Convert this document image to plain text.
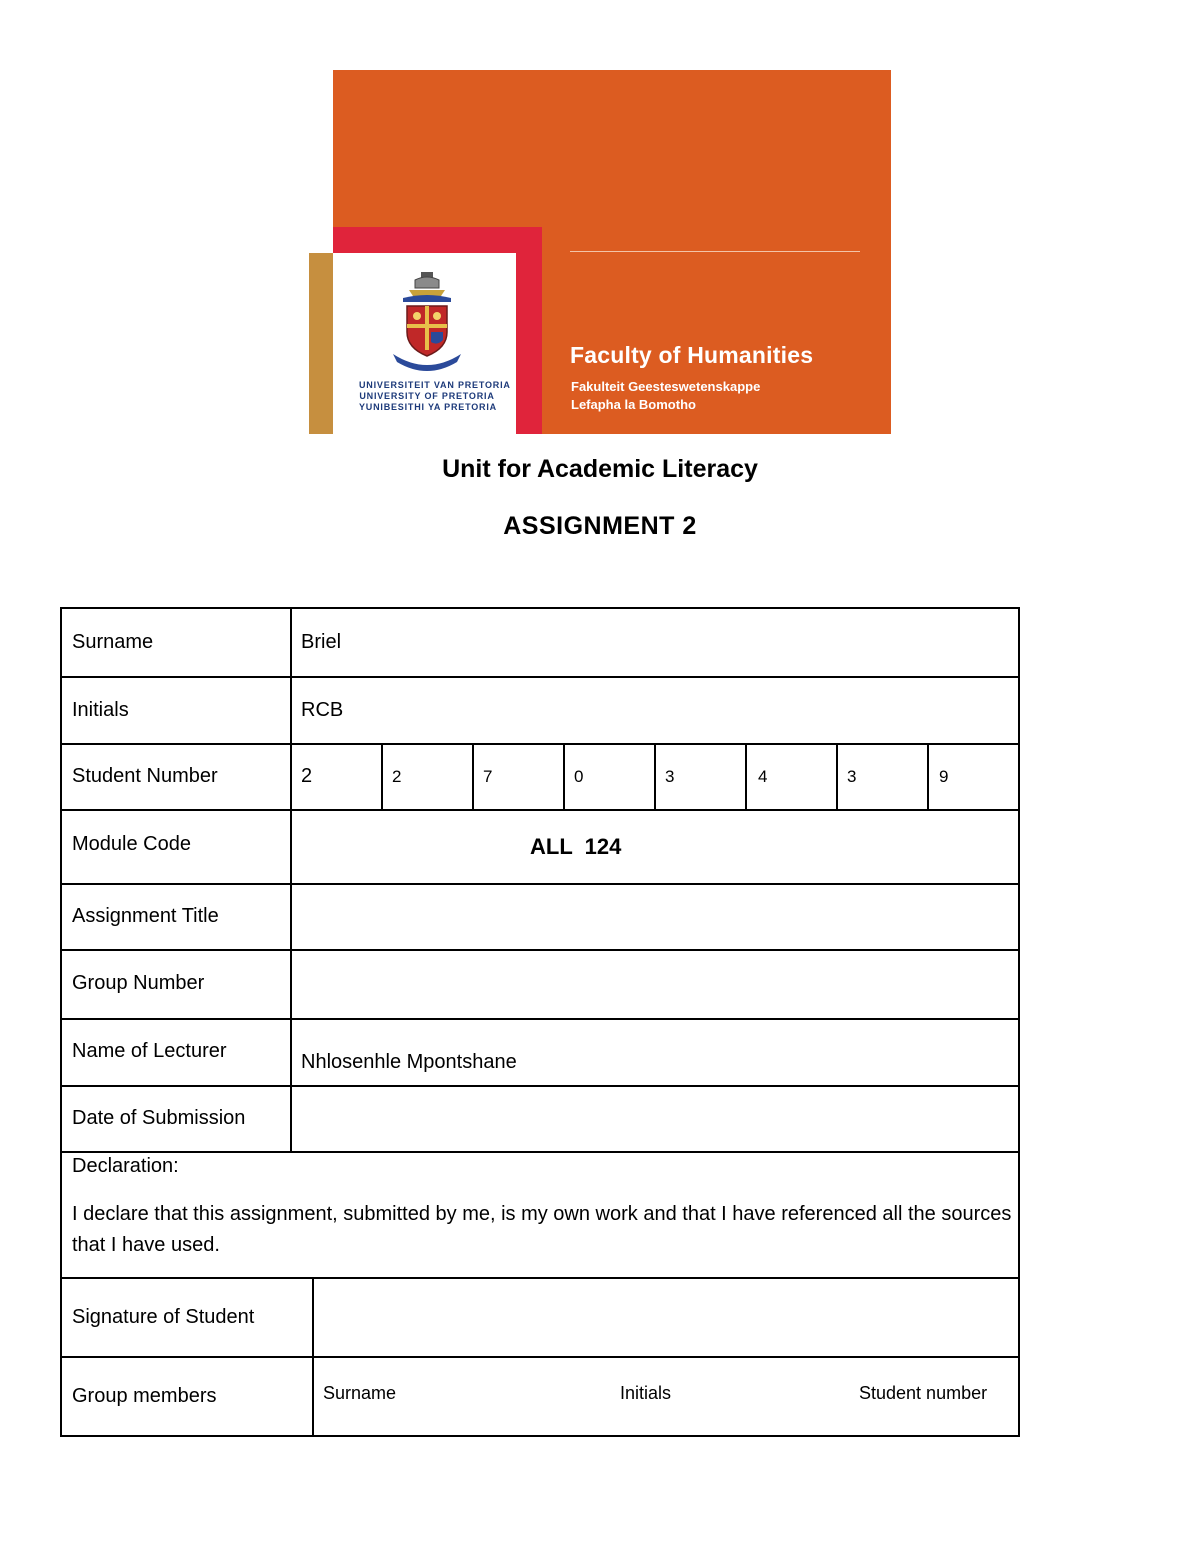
UNIVERSITEIT VAN PRETORIA
UNIVERSITY OF PRETORIA
YUNIBESITHI YA PRETORIA
Faculty of Humanities
Fakulteit Geesteswetenskappe
Lefapha la Bomotho
Unit for Academic Literacy
ASSIGNMENT 2
Surname	Briel
Initials	RCB
Student Number	2	2	7	0	3	4	3	9
Module Code	ALL  124
Assignment Title
Group Number
Name of Lecturer	Nhlosenhle Mpontshane
Date of Submission
Declaration:
I declare that this assignment, submitted by me, is my own work and that I have referenced all the sources that I have used.
Signature of Student
Group members	Surname	Initials	Student number
